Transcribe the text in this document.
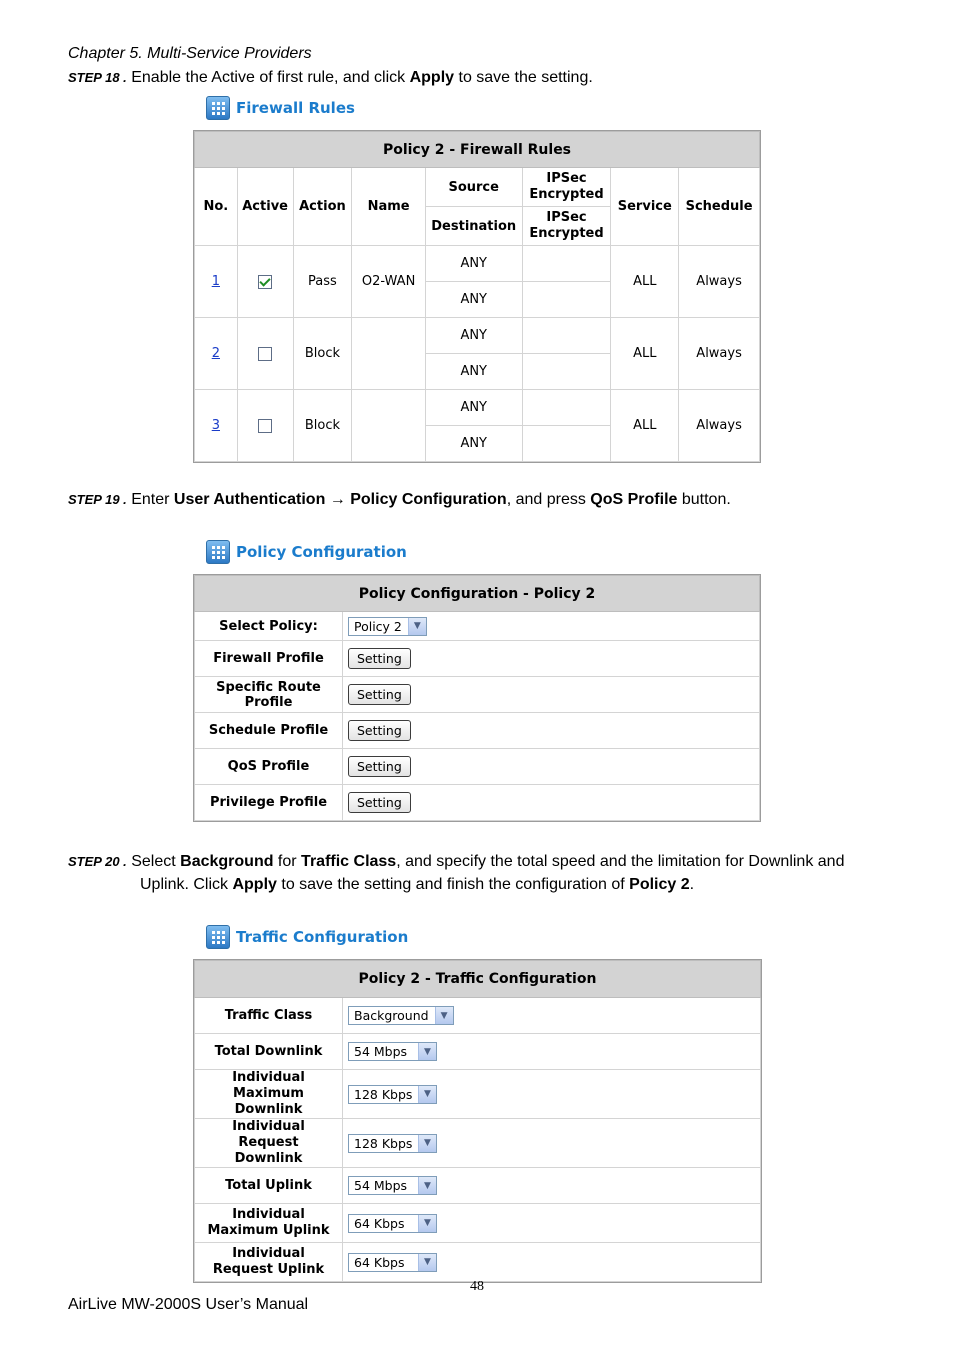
Chapter 5. Multi-Service Providers
STEP 18 . Enable the Active of first rule, and click Apply to save the setting.
Firewall Rules
Policy 2 - Firewall Rules							
No.	Active	Action	Name	Source	IPSec Encrypted	Service	Schedule
				Destination	IPSec Encrypted		
1		Pass	O2-WAN	ANY		ALL	Always
				ANY			
2		Block		ANY		ALL	Always
				ANY			
3		Block		ANY		ALL	Always
				ANY			
STEP 19 . Enter User Authentication → Policy Configuration, and press QoS Profile button.
Policy Configuration
Policy Configuration - Policy 2	
Select Policy:	Policy 2 ▼

Firewall Profile	Setting
Specific Route Profile	Setting
Schedule Profile	Setting
QoS Profile	Setting
Privilege Profile	Setting
STEP 20 . Select Background for Traffic Class, and specify the total speed and the limitation for Downlink and
Uplink. Click Apply to save the setting and finish the configuration of Policy 2.
Traffic Configuration
Policy 2 - Traffic Configuration	
Traffic Class	Background ▼

Total Downlink	54 Mbps ▼

Individual Maximum Downlink	128 Kbps ▼

Individual Request Downlink	128 Kbps ▼

Total Uplink	54 Mbps ▼

Individual Maximum Uplink	64 Kbps ▼

Individual Request Uplink	64 Kbps ▼
48
AirLive MW-2000S User’s Manual
